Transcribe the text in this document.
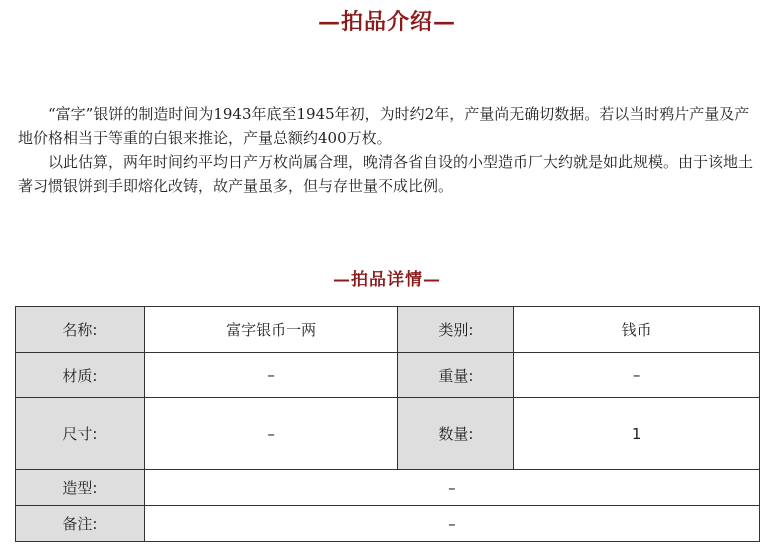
—拍品介绍—

“富字”银饼的制造时间为1943年底至1945年初，为时约2年，产量尚无确切数据。若以当时鸦片产量及产地价格相当于等重的白银来推论，产量总额约400万枚。

以此估算，两年时间约平均日产万枚尚属合理，晚清各省自设的小型造币厂大约就是如此规模。由于该地土著习惯银饼到手即熔化改铸，故产量虽多，但与存世量不成比例。

—拍品详情—
名称:	富字银币一两	类别:	钱币
材质:	–	重量:	–
尺寸:	–	数量:	1
造型:	–		
备注:	–		
